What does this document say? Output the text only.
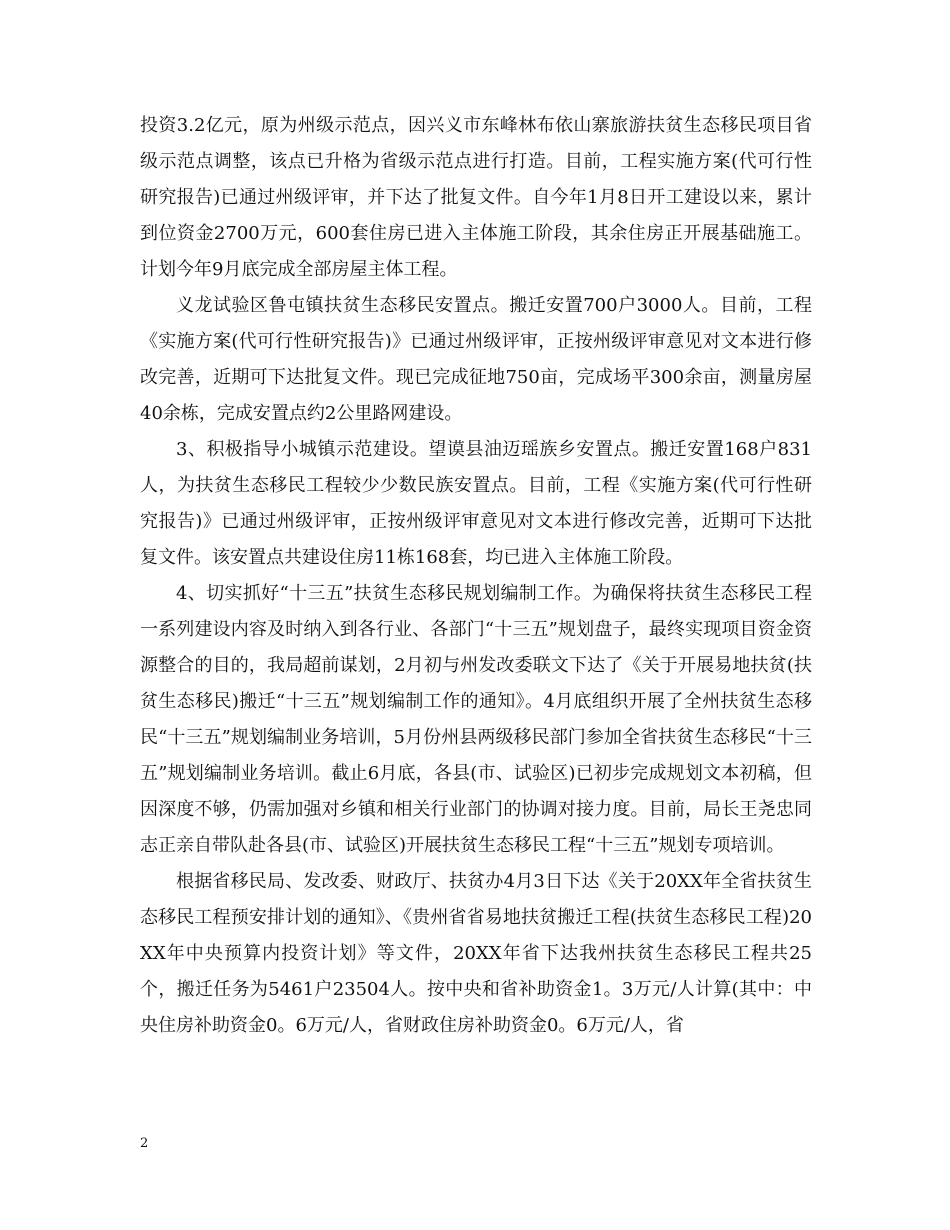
投资3.2亿元，原为州级示范点，因兴义市东峰林布依山寨旅游扶贫生态移民项目省级示范点调整，该点已升格为省级示范点进行打造。目前，工程实施方案(代可行性研究报告)已通过州级评审，并下达了批复文件。自今年1月8日开工建设以来，累计到位资金2700万元，600套住房已进入主体施工阶段，其余住房正开展基础施工。计划今年9月底完成全部房屋主体工程。

义龙试验区鲁屯镇扶贫生态移民安置点。搬迁安置700户3000人。目前，工程《实施方案(代可行性研究报告)》已通过州级评审，正按州级评审意见对文本进行修改完善，近期可下达批复文件。现已完成征地750亩，完成场平300余亩，测量房屋40余栋，完成安置点约2公里路网建设。

3、积极指导小城镇示范建设。望谟县油迈瑶族乡安置点。搬迁安置168户831人，为扶贫生态移民工程较少少数民族安置点。目前，工程《实施方案(代可行性研究报告)》已通过州级评审，正按州级评审意见对文本进行修改完善，近期可下达批复文件。该安置点共建设住房11栋168套，均已进入主体施工阶段。

4、切实抓好“十三五”扶贫生态移民规划编制工作。为确保将扶贫生态移民工程一系列建设内容及时纳入到各行业、各部门“十三五”规划盘子，最终实现项目资金资源整合的目的，我局超前谋划，2月初与州发改委联文下达了《关于开展易地扶贫(扶贫生态移民)搬迁“十三五”规划编制工作的通知》。4月底组织开展了全州扶贫生态移民“十三五”规划编制业务培训，5月份州县两级移民部门参加全省扶贫生态移民“十三五”规划编制业务培训。截止6月底，各县(市、试验区)已初步完成规划文本初稿，但因深度不够，仍需加强对乡镇和相关行业部门的协调对接力度。目前，局长王尧忠同志正亲自带队赴各县(市、试验区)开展扶贫生态移民工程“十三五”规划专项培训。

根据省移民局、发改委、财政厅、扶贫办4月3日下达《关于20XX年全省扶贫生态移民工程预安排计划的通知》、《贵州省省易地扶贫搬迁工程(扶贫生态移民工程)20XX年中央预算内投资计划》等文件，20XX年省下达我州扶贫生态移民工程共25个，搬迁任务为5461户23504人。按中央和省补助资金1。3万元/人计算(其中：中央住房补助资金0。6万元/人，省财政住房补助资金0。6万元/人，省

2
